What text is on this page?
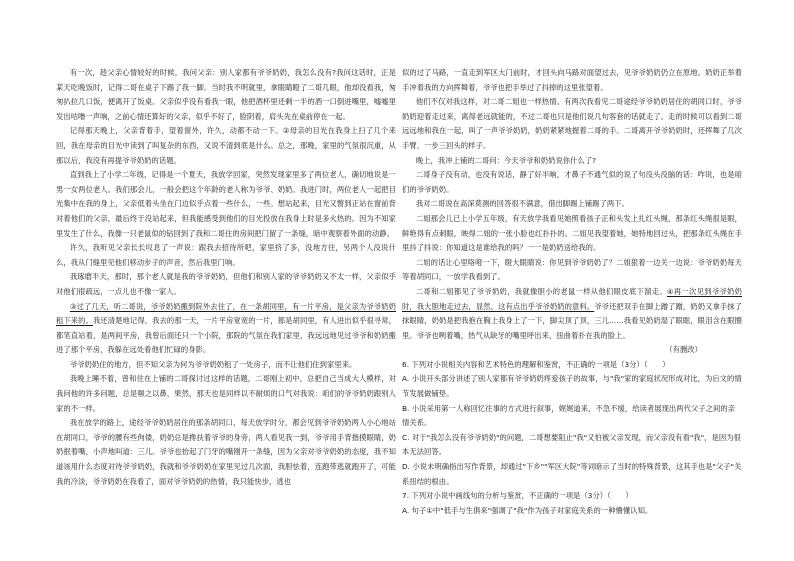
有一次，趁父亲心情较好的时候，我问父亲：别人家都有爷爷奶奶，我怎么没有?我问这话时，正是某天吃晚饭时，记得二哥在桌子下踢了我一脚。当时我不明就里，拿眼睛瞪了二哥几眼，他却没看我，匆匆扒拉几口饭，便离开了饭桌。父亲似乎没有看我一眼，他把酒杯里还剩一半的酒一口倒进嘴里，嘘嘘里发出咕噜一声响，之前心情还算好的父亲，似乎不好了，脸阴着，肩头先在桌前停在一起。

记得那天晚上，父亲背着手，望着窗外，许久，动都不动一下。②母亲的目光在我身上扫了几个来回，我在母亲的目光中读到了叫复杂的东西，又说不清到底是什么。总之，那晚，家里的气氛很沉重，从那以后，我没有再提爷爷奶奶的话题。

直到我上了小学二年级，记得是一个夏天，我放学回家，突然发现家里多了两位老人，确切地说是一男一女两位老人。我们那会儿，一般会把这个年龄的老人称为爷爷、奶奶。我进门时，两位老人一起把目光集中在我的身上，父亲低着头坐在门边似乎点着一些什么，一些。想站起来，目光又瞥到正站在窗前背对着他们的父亲，最后终于没站起来，但我能感受到他们的目光投放在我身上时是多火热的。因为不知家里发生了什么，我像一只老鼠似的钻回到了我和二哥住的房间把门留了一条缝，暗中观察着外面的动静。

许久，我听见父亲长长叹息了一声说：跟我去招待所吧，家里挤了多，没地方住，另两个人没说什么，我从门缝里见他们移动步子的声音，然后我里门响。

我琢磨半天，那时，那个老人就是我的爷爷奶奶，但他们和别人家的爷爷奶奶又不太一样，父亲似乎对他们很疏远，一点儿也不像一家人。

③过了几天，听二哥说，爷爷奶奶搬到院外去住了，在一条胡同里，有一片平房，是父亲为爷爷奶奶租下来的。我还清楚地记得，我去的那一天，一片平房宽宽的一片，都是胡同里，有人进出似乎很寻常，都笔直站着，是两间平房，我曾后面还只一个小院，那院的气氛在我们家里，我远远地见过爷爷和奶奶搬进了那个平房，我躲在远处看他们忙碌的身影。

爷爷奶奶住的地方，但不知父亲为何为爷爷奶奶租了一处房子，而不让他们住到家里来。

我晚上睡不着，曾和住在上铺的二哥探讨过这样的话题，二哥刚上初中，总把自己当成大人模样，对我问他的许多问题，总是嗤之以鼻，果然，那天也是同样以不耐烦的口气对我说：咱们的爷爷奶奶跟别人家的不一样。

我在放学的路上，途经爷爷奶奶居住的那条胡同口，每天放学时分，都会见到爷爷奶奶两人小心地站在胡同口，爷爷的腰有些佝偻，奶奶总是搀扶着爷爷的身旁，两人看见我一到，爷爷用手背揩摸眼睛，奶奶抿着嘴，小声地叫道：三儿。爷爷也抬起了门牙的嘴刚开一条缝，因为父亲对爷爷奶奶的态度，我不知道该用什么态度对待爷爷奶奶，我就和爷爷奶奶在家里见过几次面，我胆怯着，连跑带逃就跑开了，可能我的冷淡，爷爷奶奶在我看了，面对爷爷奶奶的热情，我只能快步，逃也

似的过了马路，一直走到军区大门前时，才回头向马路对面望过去，见爷爷奶奶仍立在原地。奶奶正举着手冲着我的方向挥舞着，爷爷也把手举过了抖掉的这里张望着。

他们不仅对我这样，对二哥二姐也一样热情。有两次我看见二哥途经爷爷奶奶居住的胡同口时，爷爷奶奶迎着走过来，离得老远就能的，不过二哥也只是他们说几句客套的话就走了。走的时候可以看到二哥远远地和我在一起，叫了一声爷爷奶奶，奶奶紧紧地握着二哥的手。二哥离开爷爷奶奶时，还挥舞了几次手臂，一步三回头的样子。

晚上，我冲上铺的二哥问：今天爷爷和奶奶说你什么了?

二哥身子没有动，也没有说话，静了好半晌，才鼻子不通气似的说了句没头没脑的话：咋说，也是咱们的爷爷奶奶。

我对二哥说在高深莫测的回答很不满意，借出脚踢上铺踢了两下。

二姐那会儿已上小学五年级，有天放学我看见她照看孩子正和头发上扎红头绳，那条红头绳很是眼，鲜艳得有点刺眼，映得二姐的一张小脸也红扑扑的。二姐见我望着她，她特地回过头，把那条红头绳在手里抖了抖说：你知道这是谁给我的吗？一一是奶奶送给我的。

二姐的话让心里咯噔一下，瞪大眼睛说：你见到爷爷奶奶了？二姐狠着一边关一边说：爷爷奶奶每天等着胡同口，一放学我看到了。

二哥和二姐都见了爷爷奶奶，我就像胆小的老鼠一样从他们眼皮底下溜走。④再一次见到爷爷奶奶时，我大胆地走过去，显然，这有点出乎爷爷奶奶的意料。爷爷还把双手在脚上蹭了蹭，奶奶又拿手抹了抹眼睛，奶奶是把我抱在胸上我身上了一下，脚尖顶了顶，三儿……我看见奶奶湿了眼眶，眼泪含在眼圈里。爷爷也咧着嘴，热气从缺牙的嘴里呼出来，扭曲着扑在我的脸上。

（有删改）

6. 下列对小说相关内容和艺术特色的理解和鉴赏，不正确的一项是（3分）（　　）

A. 小说开头部分讲述了别人家都有爷爷奶奶疼爱孩子的故事，与"我"家的家庭状况形成对比，为后文的情节发展做铺垫。

B. 小说采用第一人称回忆往事的方式进行叙事，娓娓道来，不急不缓，给读者展现出两代父子之间的亲情关系。

C. 对于"我怎么没有爷爷奶奶"的问题，二哥想要阻止"我"又怕被父亲发现，而父亲没有看"我"，是因为很本无法回答。

D. 小说未明确指出写作背景，却通过"下乡""军区大院"等词暗示了当时的特殊背景，这其手也是"父子"关系扭结的根由。

7. 下列对小说中画线句的分析与鉴赏，不正确的一项是（3分）（　　）

A. 句子①中"低手与生俱来"强调了"我"作为孩子对家庭关系的一种懵懂认知。
